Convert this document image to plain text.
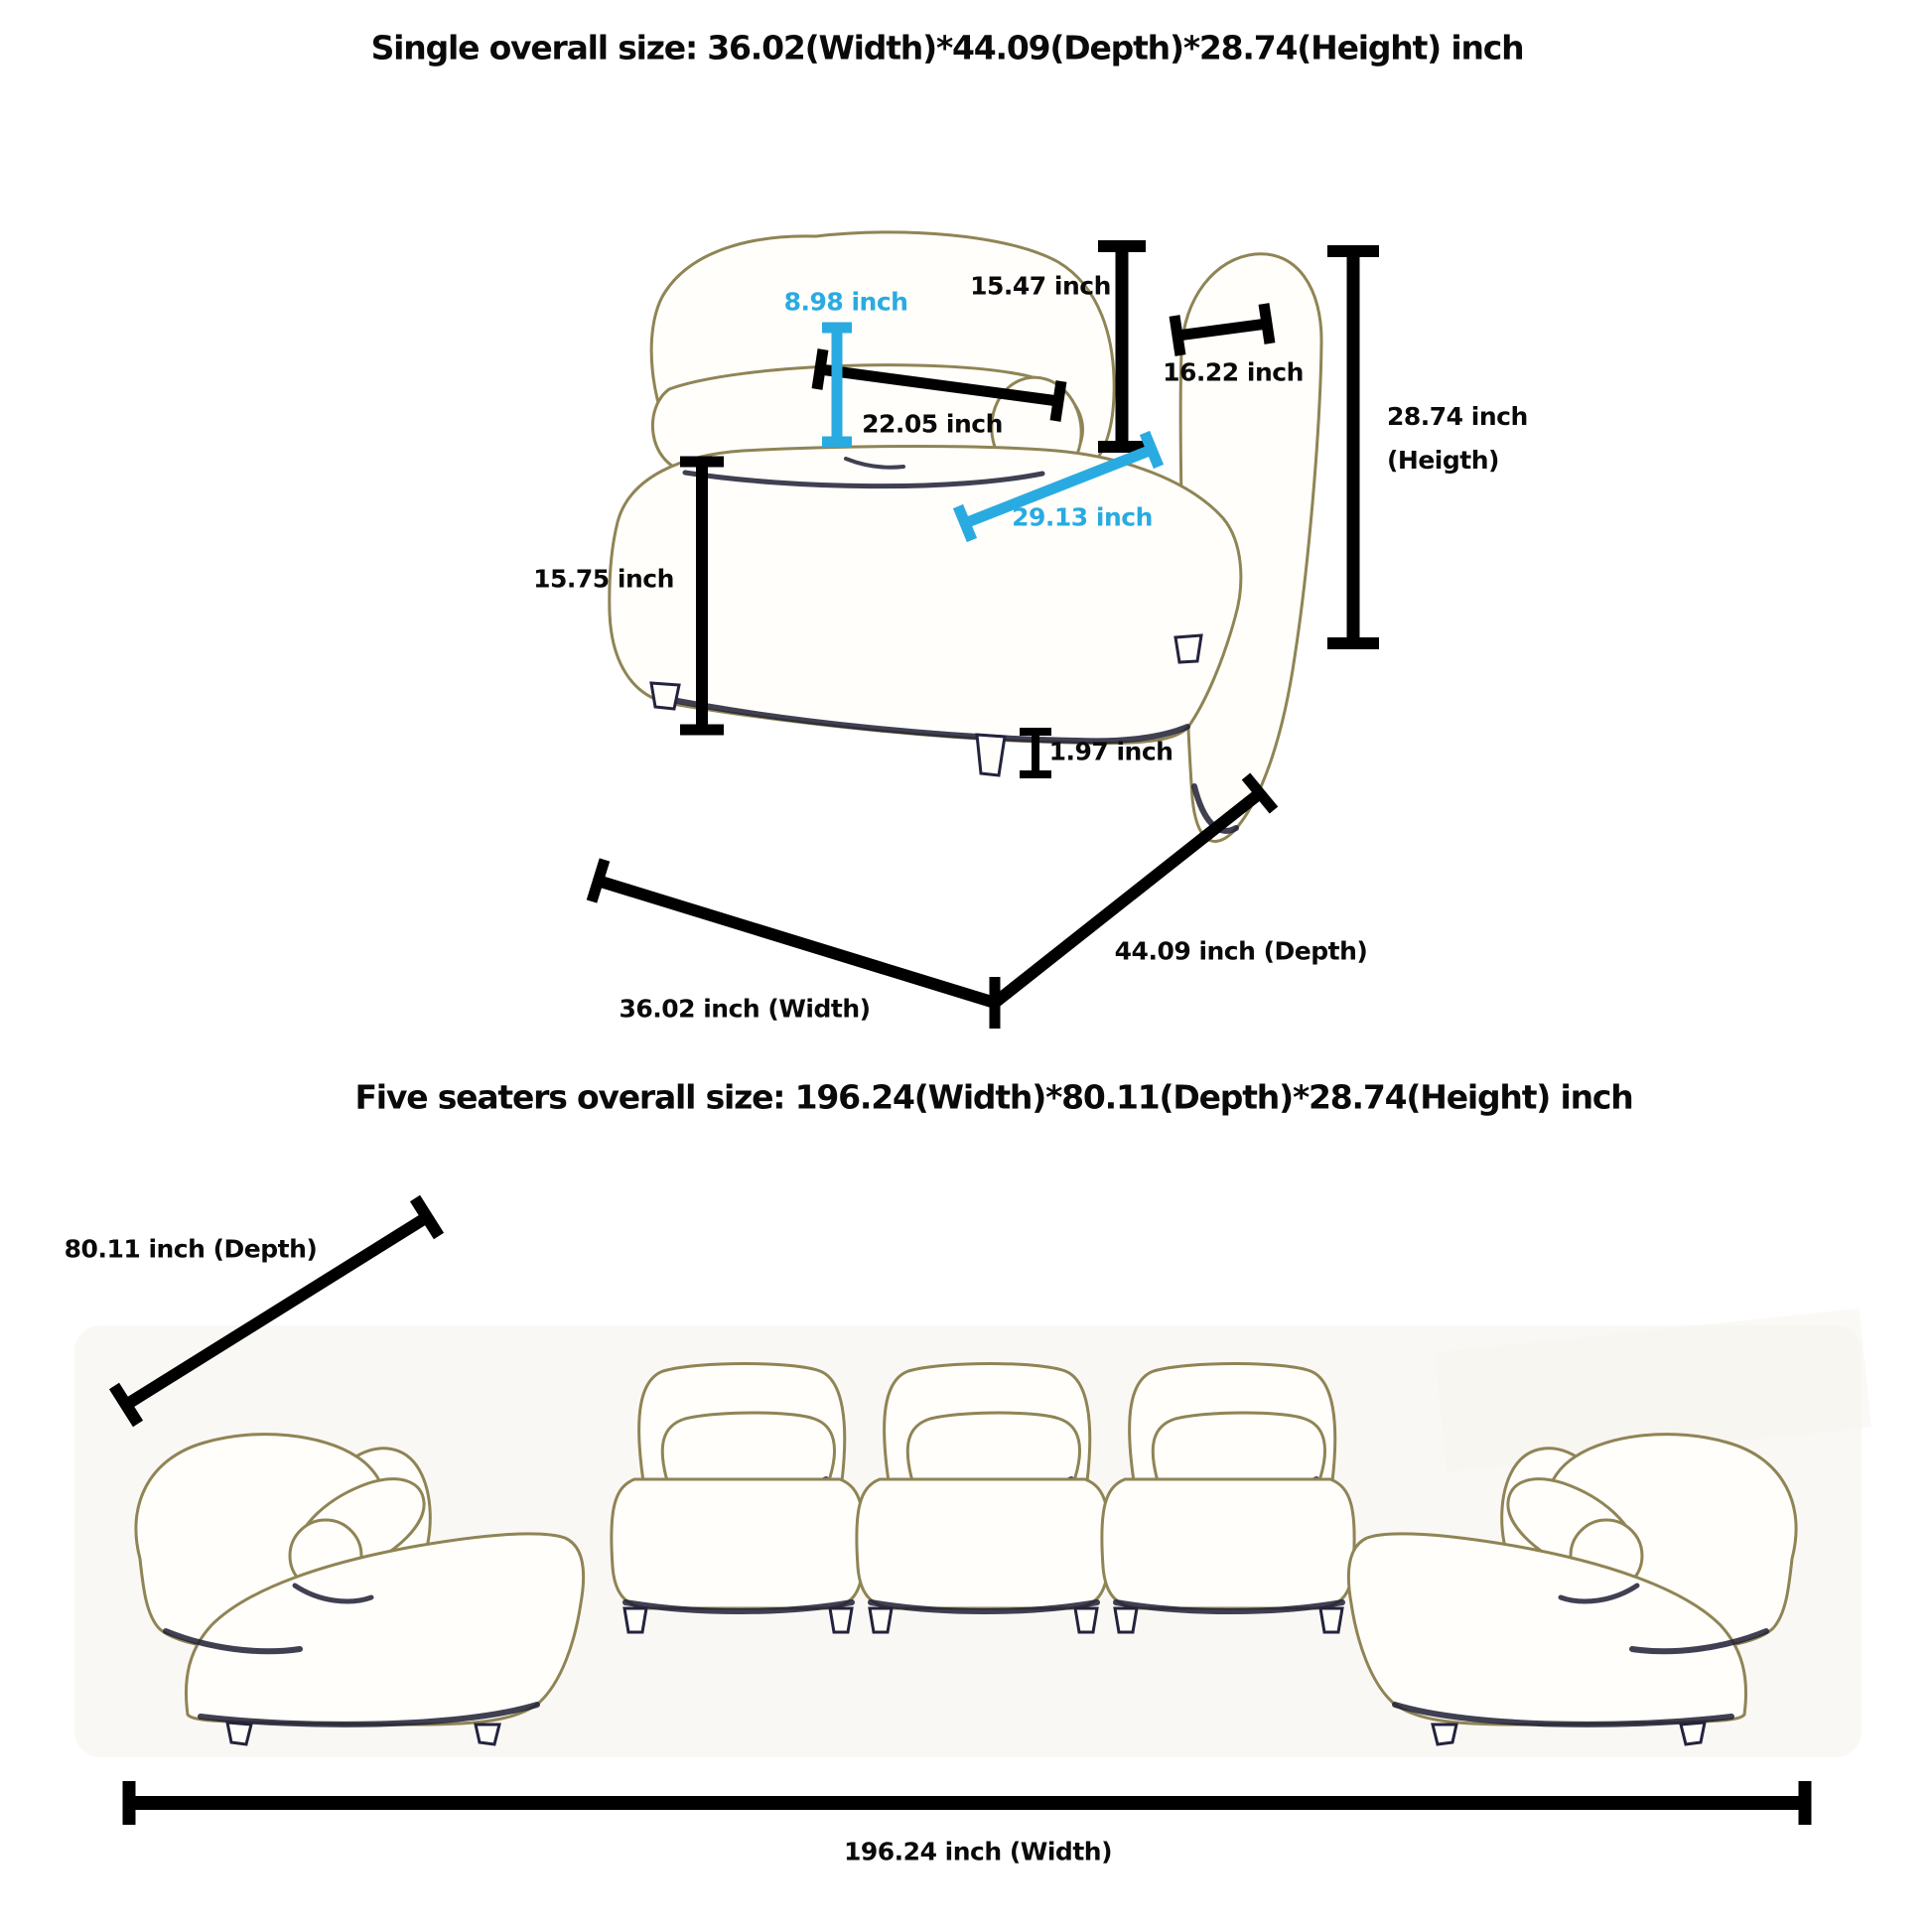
Single overall size: 36.02(Width)*44.09(Depth)*28.74(Height) inch
8.98 inch
15.47 inch
16.22 inch
22.05 inch	28.74 inch
(Heigth)
29.13 inch
15.75 inch
1.97 inch
36.02 inch (Width)
44.09 inch (Depth)
Five seaters overall size: 196.24(Width)*80.11(Depth)*28.74(Height) inch
80.11 inch (Depth)
196.24 inch (Width)
